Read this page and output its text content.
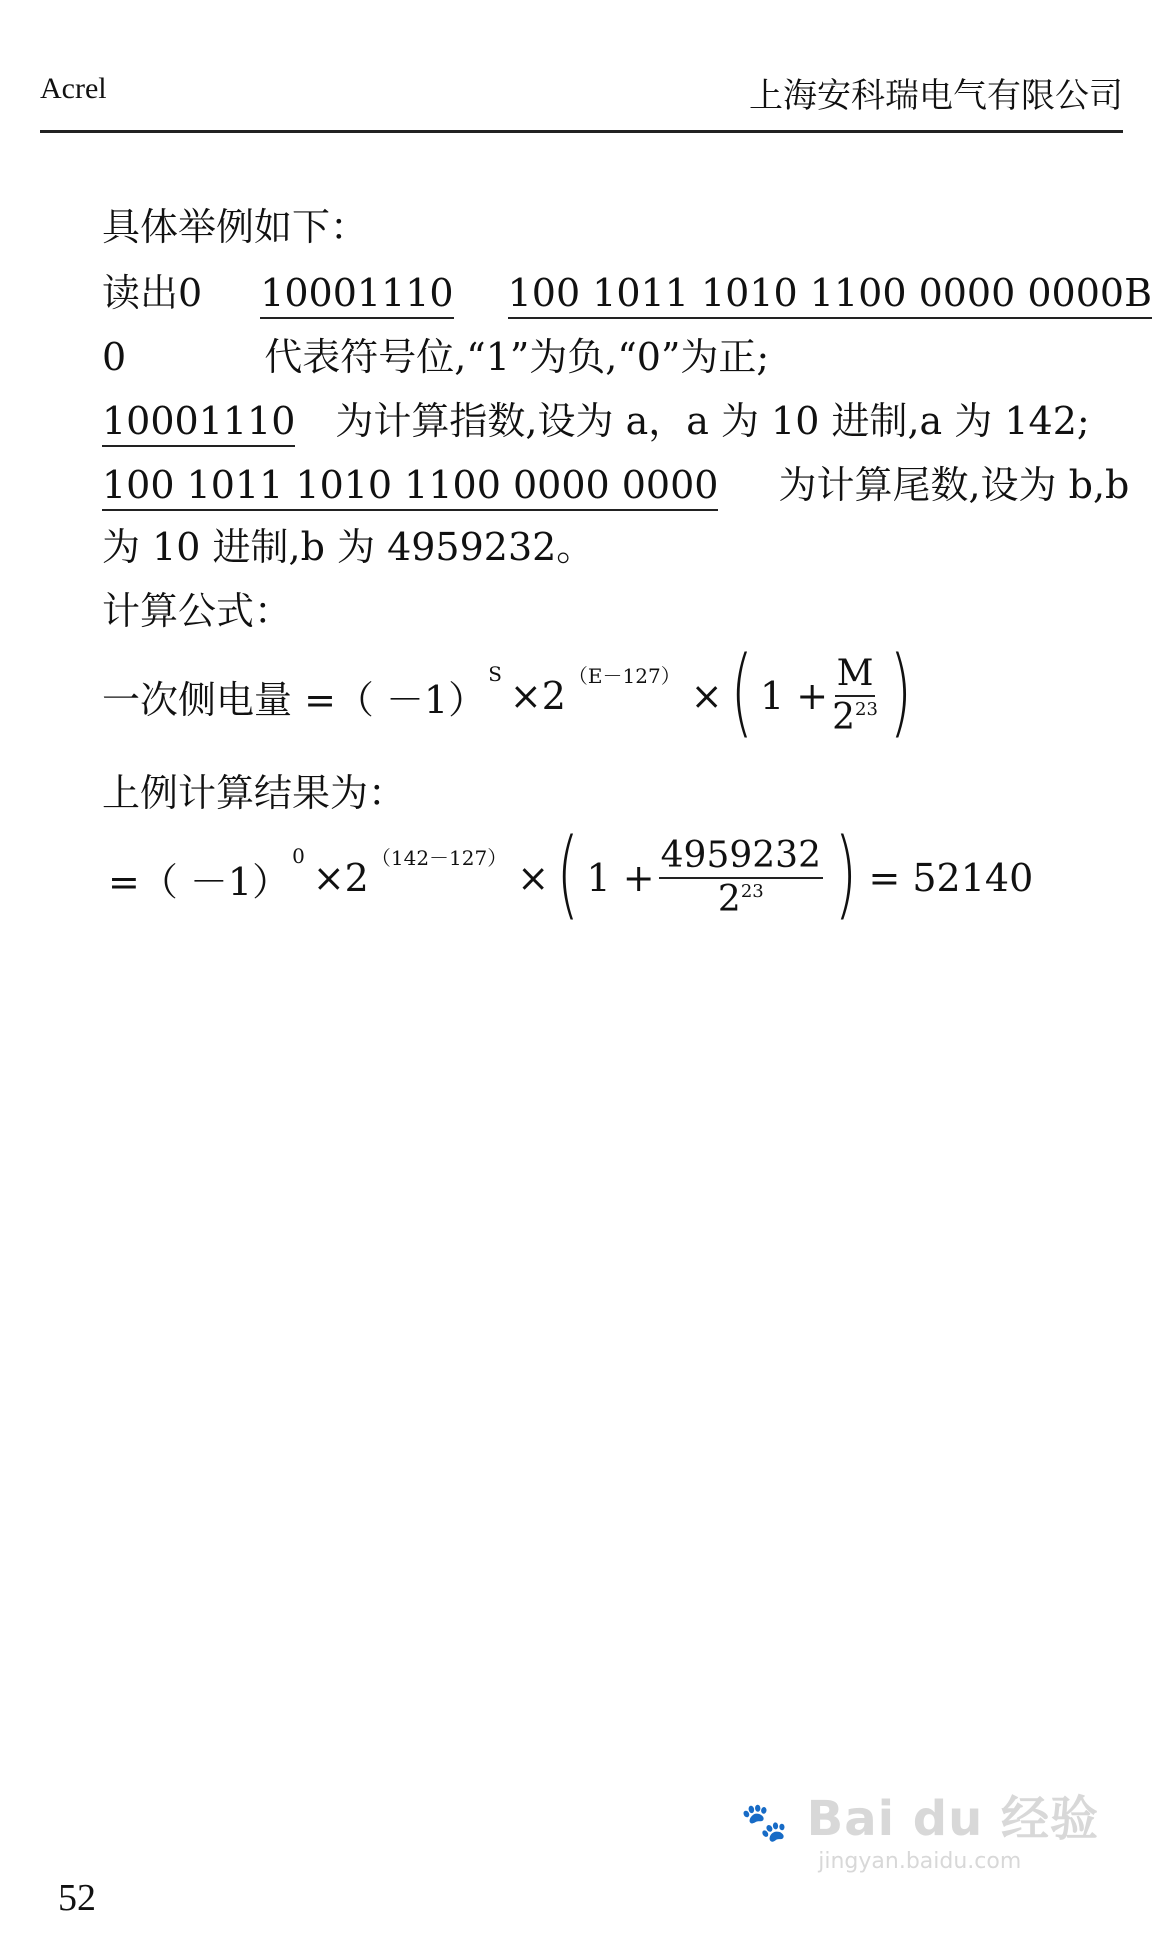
Acrel	上海安科瑞电气有限公司
具体举例如下：
读出0 10001110 100 1011 1010 1100 0000 0000B
0	代表符号位,“1”为负,“0”为正;
10001110 为计算指数,设为 a，a 为 10 进制,a 为 142;
100 1011 1010 1100 0000 0000 为计算尾数,设为 b,b
为 10 进制,b 为 4959232。
计算公式：
一次侧电量 =（ －1）
S ×2 （E－127） × ( $1 + \frac{M}{2^{23}}$ )
上例计算结果为：
=（ －1）
0 ×2 （142－127） × ( $1 + \frac{4959232}{2^{23}}$ ) = 52140
52
🐾 Bai du 经验
jingyan.baidu.com
